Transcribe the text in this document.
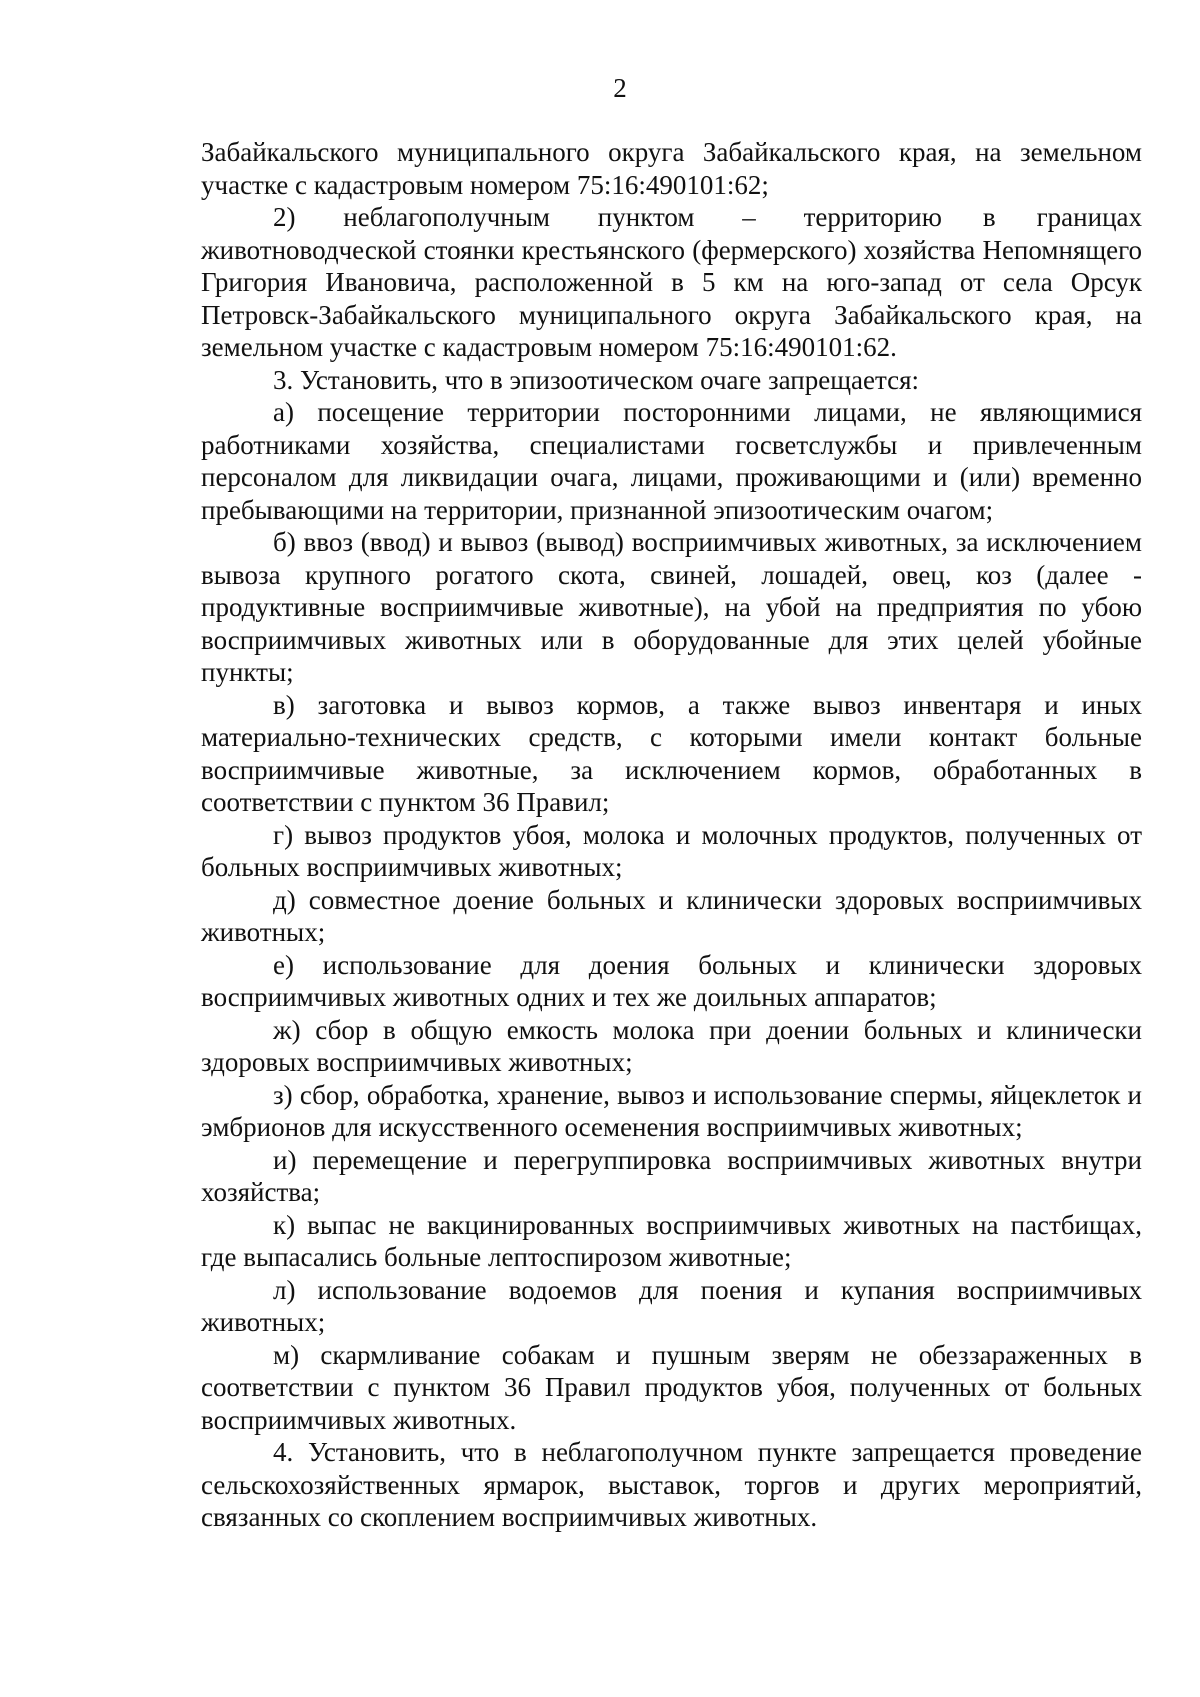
2

Забайкальского муниципального округа Забайкальского края, на земельном участке с кадастровым номером 75:16:490101:62;

2)       неблагополучным       пунктом       –       территорию      в      границах животноводческой стоянки крестьянского (фермерского) хозяйства Непомнящего Григория Ивановича, расположенной в 5 км на юго-запад от села Орсук Петровск-Забайкальского муниципального округа Забайкальского края, на земельном участке с кадастровым номером 75:16:490101:62.

3. Установить, что в эпизоотическом очаге запрещается:

а) посещение территории посторонними лицами, не являющимися работниками хозяйства, специалистами госветслужбы и привлеченным персоналом для ликвидации очага, лицами, проживающими и (или) временно пребывающими на территории, признанной эпизоотическим очагом;

б) ввоз (ввод) и вывоз (вывод) восприимчивых животных, за исключением вывоза крупного рогатого скота, свиней, лошадей, овец, коз (далее - продуктивные восприимчивые животные), на убой на предприятия по убою восприимчивых животных или в оборудованные для этих целей убойные пункты;

в) заготовка и вывоз кормов, а также вывоз инвентаря и иных материально-технических средств, с которыми имели контакт больные восприимчивые животные, за исключением кормов, обработанных в соответствии с пунктом 36 Правил;

г) вывоз продуктов убоя, молока и молочных продуктов, полученных от больных восприимчивых животных;

д) совместное доение больных и клинически здоровых восприимчивых животных;

е) использование для доения больных и клинически здоровых восприимчивых животных одних и тех же доильных аппаратов;

ж) сбор в общую емкость молока при доении больных и клинически здоровых восприимчивых животных;

з) сбор, обработка, хранение, вывоз и использование спермы, яйцеклеток и эмбрионов для искусственного осеменения восприимчивых животных;

и) перемещение и перегруппировка восприимчивых животных внутри хозяйства;

к) выпас не вакцинированных восприимчивых животных на пастбищах, где выпасались больные лептоспирозом животные;

л) использование водоемов для поения и купания восприимчивых животных;

м) скармливание собакам и пушным зверям не обеззараженных в соответствии с пунктом 36 Правил продуктов убоя, полученных от больных восприимчивых животных.

4. Установить, что в неблагополучном пункте запрещается проведение сельскохозяйственных ярмарок, выставок, торгов и других мероприятий, связанных со скоплением восприимчивых животных.
